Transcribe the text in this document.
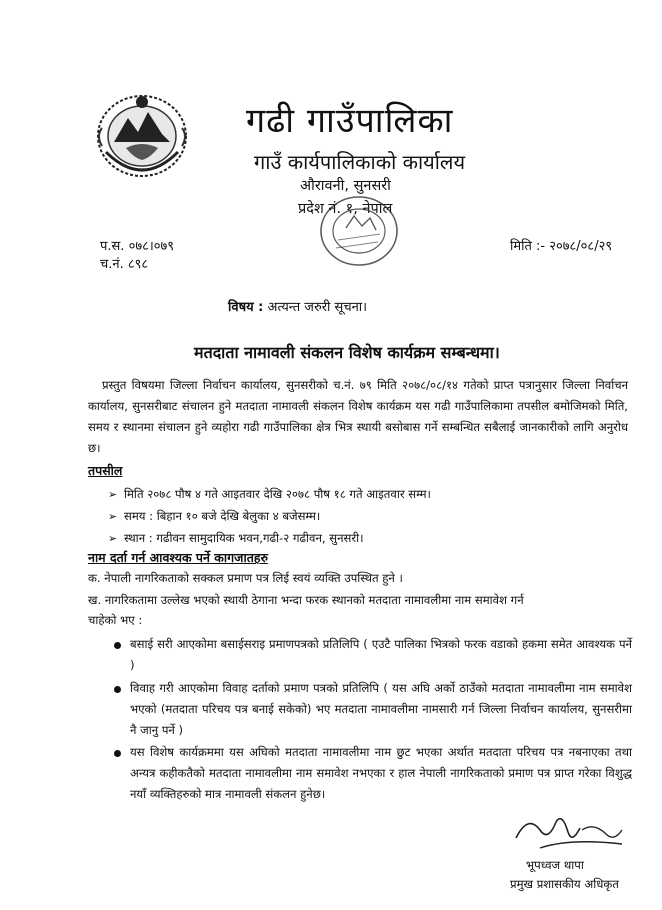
गढी गाउँपालिका
गाउँ कार्यपालिकाको कार्यालय
औरावनी, सुनसरी
प्रदेश नं. १, नेपाल
प.स. ०७८।०७९
च.नं. ८९८
मिति :- २०७८/०८/२९
विषय : अत्यन्त जरुरी सूचना।
मतदाता नामावली संकलन विशेष कार्यक्रम सम्बन्धमा।
प्रस्तुत विषयमा जिल्ला निर्वाचन कार्यालय, सुनसरीको च.नं. ७९ मिति २०७८/०८/१४ गतेको प्राप्त पत्रानुसार जिल्ला निर्वाचन कार्यालय, सुनसरीबाट संचालन हुने मतदाता नामावली संकलन विशेष कार्यक्रम यस गढी गाउँपालिकामा तपसील बमोजिमको मिति, समय र स्थानमा संचालन हुने व्यहोरा गढी गाउँपालिका क्षेत्र भित्र स्थायी बसोबास गर्ने सम्बन्धित सबैलाई जानकारीको लागि अनुरोध छ।
तपसील
➢ मिति २०७८ पौष ४ गते आइतवार देखि २०७८ पौष १८ गते आइतवार सम्म।
➢ समय : बिहान १० बजे देखि बेलुका ४ बजेसम्म।
➢ स्थान : गढीवन सामुदायिक भवन,गढी-२ गढीवन, सुनसरी।
नाम दर्ता गर्न आवश्यक पर्ने कागजातहरु
क. नेपाली नागरिकताको सक्कल प्रमाण पत्र लिई स्वयं व्यक्ति उपस्थित हुने ।
ख. नागरिकतामा उल्लेख भएको स्थायी ठेगाना भन्दा फरक स्थानको मतदाता नामावलीमा नाम समावेश गर्न
चाहेको भए :
बसाई सरी आएकोमा बसाईसराइ प्रमाणपत्रको प्रतिलिपि ( एउटै पालिका भित्रको फरक वडाको हकमा समेत आवश्यक पर्ने )
विवाह गरी आएकोमा विवाह दर्ताको प्रमाण पत्रको प्रतिलिपि ( यस अघि अर्को ठाउँको मतदाता नामावलीमा नाम समावेश भएको (मतदाता परिचय पत्र बनाई सकेको) भए मतदाता नामावलीमा नामसारी गर्न जिल्ला निर्वाचन कार्यालय, सुनसरीमा नै जानु पर्ने )
यस विशेष कार्यक्रममा यस अघिको मतदाता नामावलीमा नाम छुट भएका अर्थात मतदाता परिचय पत्र नबनाएका तथा अन्यत्र कहीकतैको मतदाता नामावलीमा नाम समावेश नभएका र हाल नेपाली नागरिकताको प्रमाण पत्र प्राप्त गरेका विशुद्ध नयाँ व्यक्तिहरुको मात्र नामावली संकलन हुनेछ।
भूपध्वज थापा
प्रमुख प्रशासकीय अधिकृत
